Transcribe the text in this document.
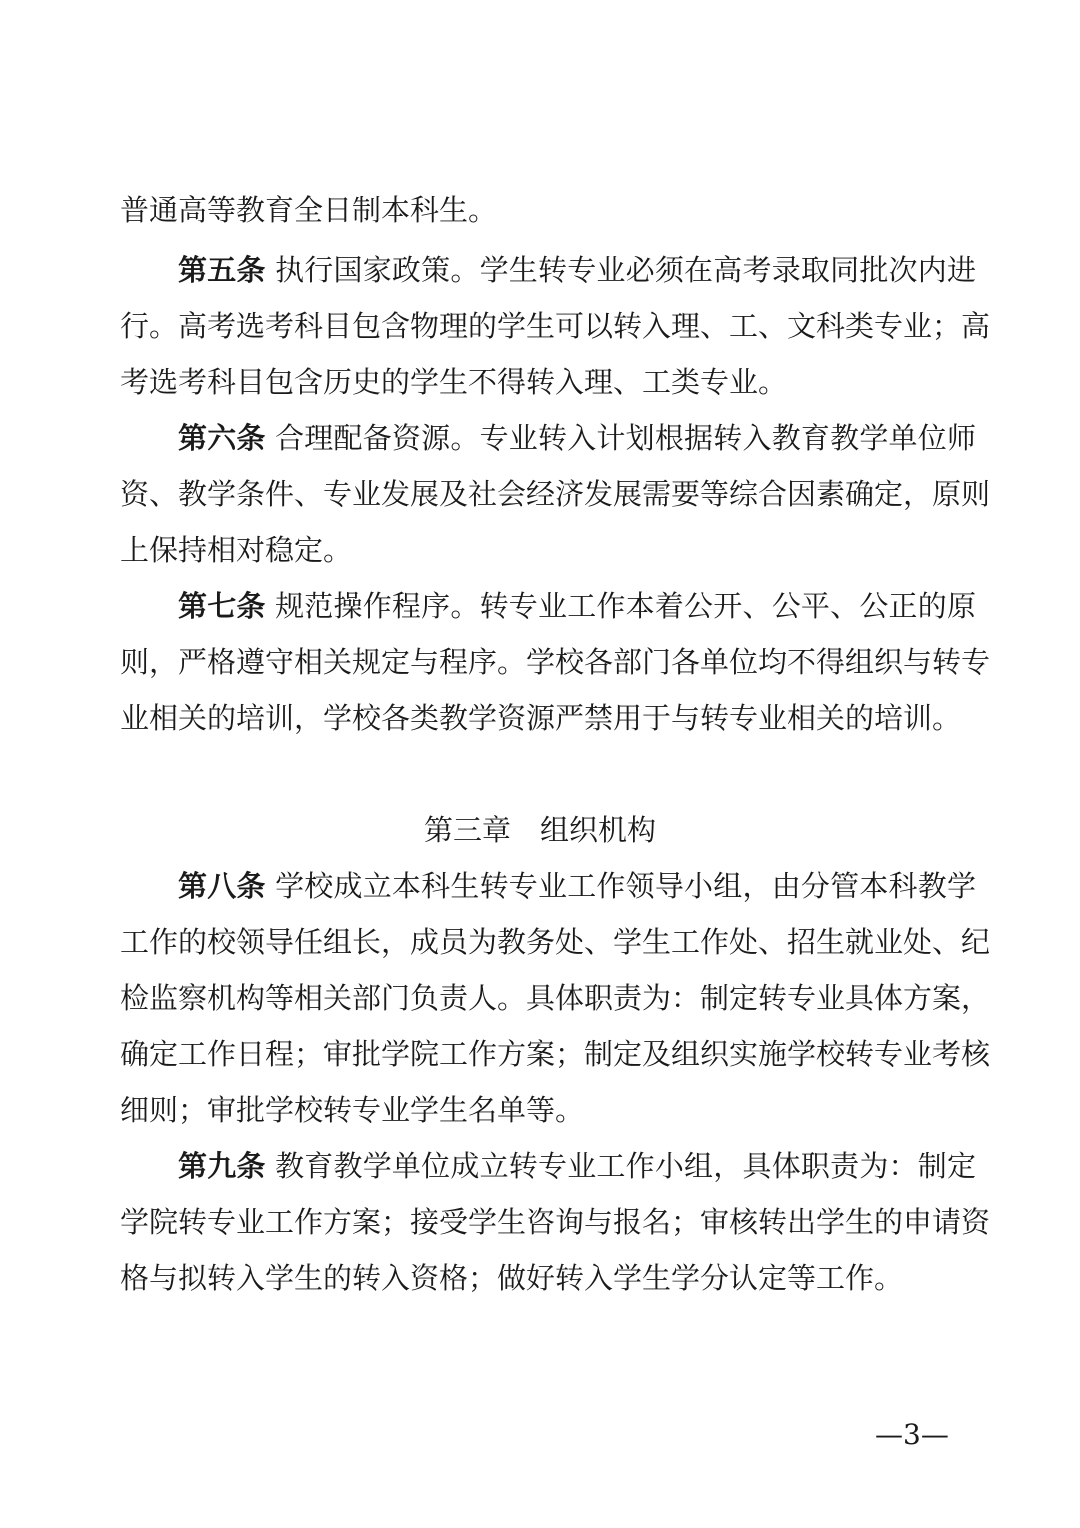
普通高等教育全日制本科生。
第五条 执行国家政策。学生转专业必须在高考录取同批次内进
行。高考选考科目包含物理的学生可以转入理、工、文科类专业；高
考选考科目包含历史的学生不得转入理、工类专业。
第六条 合理配备资源。专业转入计划根据转入教育教学单位师
资、教学条件、专业发展及社会经济发展需要等综合因素确定，原则
上保持相对稳定。
第七条 规范操作程序。转专业工作本着公开、公平、公正的原
则，严格遵守相关规定与程序。学校各部门各单位均不得组织与转专
业相关的培训，学校各类教学资源严禁用于与转专业相关的培训。
第三章　组织机构
第八条 学校成立本科生转专业工作领导小组，由分管本科教学
工作的校领导任组长，成员为教务处、学生工作处、招生就业处、纪
检监察机构等相关部门负责人。具体职责为：制定转专业具体方案，
确定工作日程；审批学院工作方案；制定及组织实施学校转专业考核
细则；审批学校转专业学生名单等。
第九条 教育教学单位成立转专业工作小组，具体职责为：制定
学院转专业工作方案；接受学生咨询与报名；审核转出学生的申请资
格与拟转入学生的转入资格；做好转入学生学分认定等工作。
—3—
